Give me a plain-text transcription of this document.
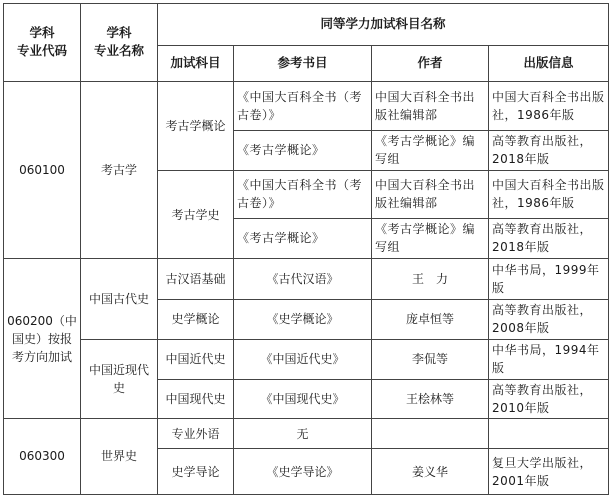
学科
专业代码	学科
专业名称	同等学力加试科目名称			
		加试科目	参考书目	作者	出版信息
060100	考古学	考古学概论	《中国大百科全书（考古卷）》	中国大百科全书出版社编辑部	中国大百科全书出版社，1986年版
			《考古学概论》	《考古学概论》编写组	高等教育出版社，2018年版
		考古学史	《中国大百科全书（考古卷）》	中国大百科全书出版社编辑部	中国大百科全书出版社，1986年版
			《考古学概论》	《考古学概论》编写组	高等教育出版社，2018年版
060200（中国史）按报考方向加试	中国古代史	古汉语基础	《古代汉语》	王　力	中华书局，1999年版
		史学概论	《史学概论》	庞卓恒等	高等教育出版社，2008年版
	中国近现代史	中国近代史	《中国近代史》	李侃等	中华书局，1994年版
		中国现代史	《中国现代史》	王桧林等	高等教育出版社，2010年版
060300	世界史	专业外语	无		
		史学导论	《史学导论》	姜义华	复旦大学出版社，2001年版
